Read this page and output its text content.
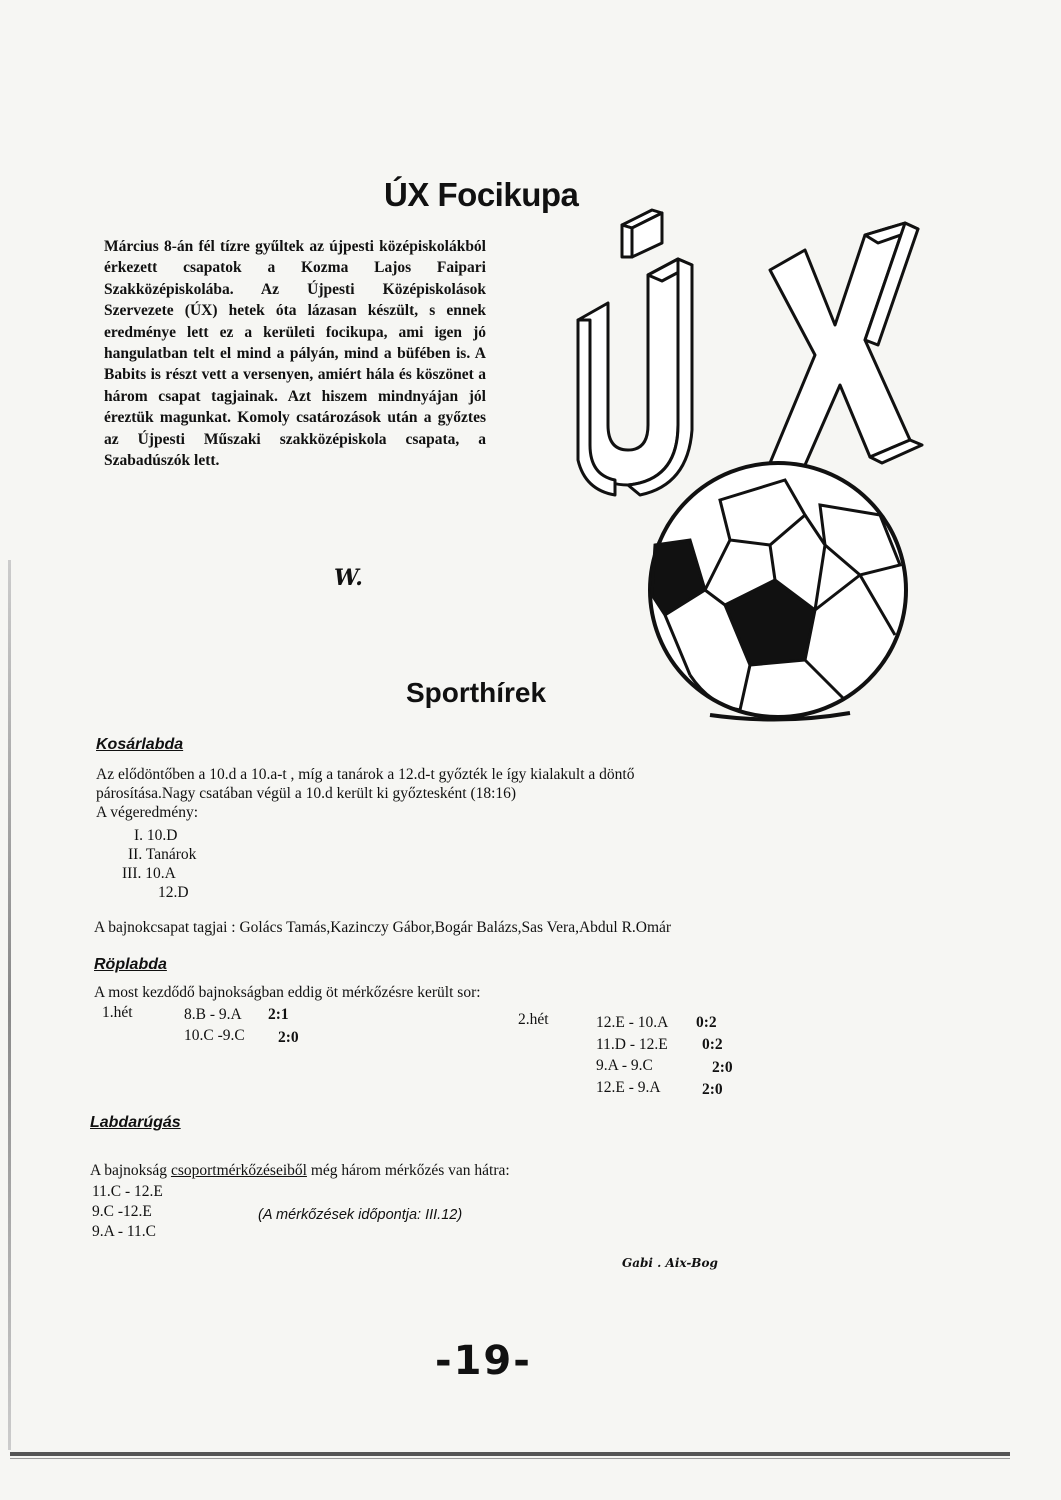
ÚX Focikupa
Március 8-án fél tízre gyűltek az újpesti középiskolákból érkezett csapatok a Kozma Lajos Faipari Szakközépiskolába. Az Újpesti Középiskolások Szervezete (ÚX) hetek óta lázasan készült, s ennek eredménye lett ez a kerületi focikupa, ami igen jó hangulatban telt el mind a pályán, mind a büfében is. A Babits is részt vett a versenyen, amiért hála és köszönet a három csapat tagjainak. Azt hiszem mindnyájan jól éreztük magunkat. Komoly csatározások után a győztes az Újpesti Műszaki szakközépiskola csapata, a Szabadúszók lett.
W.
Sporthírek
Kosárlabda
Az elődöntőben a 10.d a 10.a-t , míg a tanárok a 12.d-t győzték le így kialakult a döntő
párosítása.Nagy csatában végül a 10.d került ki győztesként (18:16)
A végeredmény:
I. 10.D
II. Tanárok
III. 10.A
12.D
A bajnokcsapat tagjai : Golács Tamás,Kazinczy Gábor,Bogár Balázs,Sas Vera,Abdul R.Omár
Röplabda
A most kezdődő bajnokságban eddig öt mérkőzésre került sor:
1.hét	8.B - 9.A 2:1
10.C -9.C 2:0
2.hét	12.E - 10.A 0:2
11.D - 12.E 0:2
9.A - 9.C	2:0
12.E - 9.A	2:0
Labdarúgás
A bajnokság csoportmérkőzéseiből még három mérkőzés van hátra:
11.C - 12.E
9.C -12.E
9.A - 11.C
(A mérkőzések időpontja: III.12)
Gabi . Aix-Bog
-19-
